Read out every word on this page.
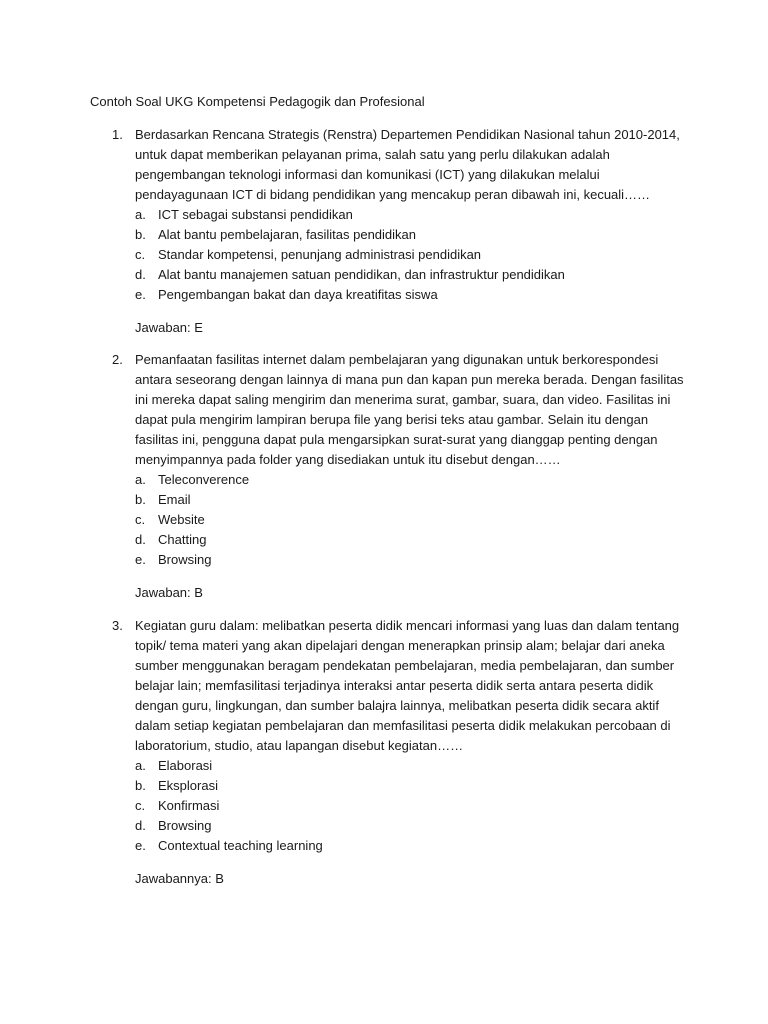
Contoh Soal UKG Kompetensi Pedagogik dan Profesional
1. Berdasarkan Rencana Strategis (Renstra) Departemen Pendidikan Nasional tahun 2010-2014,
untuk dapat memberikan pelayanan prima, salah satu yang perlu dilakukan adalah
pengembangan teknologi informasi dan komunikasi (ICT) yang dilakukan melalui
pendayagunaan ICT di bidang pendidikan yang mencakup peran dibawah ini, kecuali……
a. ICT sebagai substansi pendidikan
b. Alat bantu pembelajaran, fasilitas pendidikan
c. Standar kompetensi, penunjang administrasi pendidikan
d. Alat bantu manajemen satuan pendidikan, dan infrastruktur pendidikan
e. Pengembangan bakat dan daya kreatifitas siswa
Jawaban: E
2. Pemanfaatan fasilitas internet dalam pembelajaran yang digunakan untuk berkorespondesi
antara seseorang dengan lainnya di mana pun dan kapan pun mereka berada. Dengan fasilitas
ini mereka dapat saling mengirim dan menerima surat, gambar, suara, dan video. Fasilitas ini
dapat pula mengirim lampiran berupa file yang berisi teks atau gambar. Selain itu dengan
fasilitas ini, pengguna dapat pula mengarsipkan surat-surat yang dianggap penting dengan
menyimpannya pada folder yang disediakan untuk itu disebut dengan……
a. Teleconverence
b. Email
c. Website
d. Chatting
e. Browsing
Jawaban: B
3. Kegiatan guru dalam: melibatkan peserta didik mencari informasi yang luas dan dalam tentang
topik/ tema materi yang akan dipelajari dengan menerapkan prinsip alam; belajar dari aneka
sumber menggunakan beragam pendekatan pembelajaran, media pembelajaran, dan sumber
belajar lain; memfasilitasi terjadinya interaksi antar peserta didik serta antara peserta didik
dengan guru, lingkungan, dan sumber balajra lainnya, melibatkan peserta didik secara aktif
dalam setiap kegiatan pembelajaran dan memfasilitasi peserta didik melakukan percobaan di
laboratorium, studio, atau lapangan disebut kegiatan……
a. Elaborasi
b. Eksplorasi
c. Konfirmasi
d. Browsing
e. Contextual teaching learning
Jawabannya: B
